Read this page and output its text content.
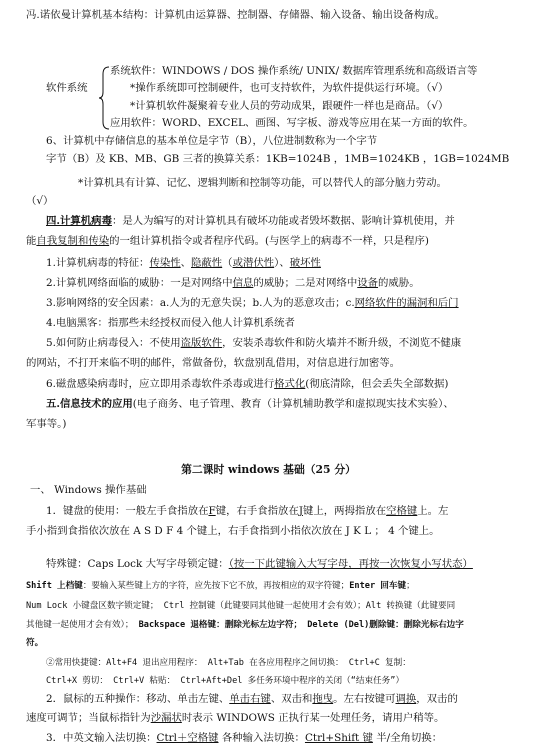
冯.诺依曼计算机基本结构：计算机由运算器、控制器、存储器、输入设备、输出设备构成。
系统软件：WINDOWS / DOS 操作系统/ UNIX/ 数据库管理系统和高级语言等
软件系统	*操作系统即可控制硬件，也可支持软件，为软件提供运行环境。（√）
*计算机软件凝聚着专业人员的劳动成果，跟硬件一样也是商品。（√）
应用软件：WORD、EXCEL、画图、写字板、游戏等应用在某一方面的软件。
6、计算机中存储信息的基本单位是字节（B），八位进制数称为一个字节
字节（B）及 KB、MB、GB 三者的换算关系：1KB=1024B ，1MB=1024KB ，1GB=1024MB
*计算机具有计算、记忆、逻辑判断和控制等功能，可以替代人的部分脑力劳动。
（√）
四.计算机病毒：是人为编写的对计算机具有破坏功能或者毁坏数据、影响计算机使用，并
能自我复制和传染的一组计算机指令或者程序代码。(与医学上的病毒不一样，只是程序)
1.计算机病毒的特征：传染性、隐蔽性（或潜伏性）、破坏性
2.计算机网络面临的威胁：一是对网络中信息的威胁；二是对网络中设备的威胁。
3.影响网络的安全因素：a.人为的无意失误；b.人为的恶意攻击；c.网络软件的漏洞和后门
4.电脑黑客：指那些未经授权而侵入他人计算机系统者
5.如何防止病毒侵入：不使用盗版软件，安装杀毒软件和防火墙并不断升级，不浏览不健康
的网站，不打开来临不明的邮件，常做备份，软盘别乱借用，对信息进行加密等。
6.磁盘感染病毒时，应立即用杀毒软件杀毒或进行格式化(彻底清除，但会丢失全部数据)
五.信息技术的应用(电子商务、电子管理、教育（计算机辅助教学和虚拟现实技术实验）、
军事等。)
第二课时 windows 基础（25 分）
一、 Windows 操作基础
1．键盘的使用：一般左手食指放在F键，右手食指放在J键上，两拇指放在空格键上。左
手小指到食指依次放在 A S D F 4 个键上，右手食指到小指依次放在 J K L ； 4 个键上。
特殊键：Caps Lock 大写字母锁定键：（按一下此键输入大写字母，再按一次恢复小写状态）
Shift 上档键：要输入某些键上方的字符，应先按下它不放，再按相应的双字符键；Enter 回车键；
Num Lock 小键盘区数字锁定键； Ctrl 控制键（此键要同其他键一起使用才会有效）；Alt 转换键（此键要同
其他键一起使用才会有效）； Backspace 退格键：删除光标左边字符； Delete (Del)删除键：删除光标右边字
符。
②常用快捷键：Alt+F4 退出应用程序： Alt+Tab 在各应用程序之间切换： Ctrl+C 复制：
Ctrl+X 剪切： Ctrl+V 粘贴： Ctrl+Aft+Del 多任务环境中程序的关闭（“结束任务”）
2．鼠标的五种操作：移动、单击左键、单击右键、双击和拖曳。左右按键可调换，双击的
速度可调节；当鼠标指针为沙漏状时表示 WINDOWS 正执行某一处理任务，请用户稍等。
3．中英文输入法切换：Ctrl＋空格键 各种输入法切换：Ctrl+Shift 键 半/全角切换：
